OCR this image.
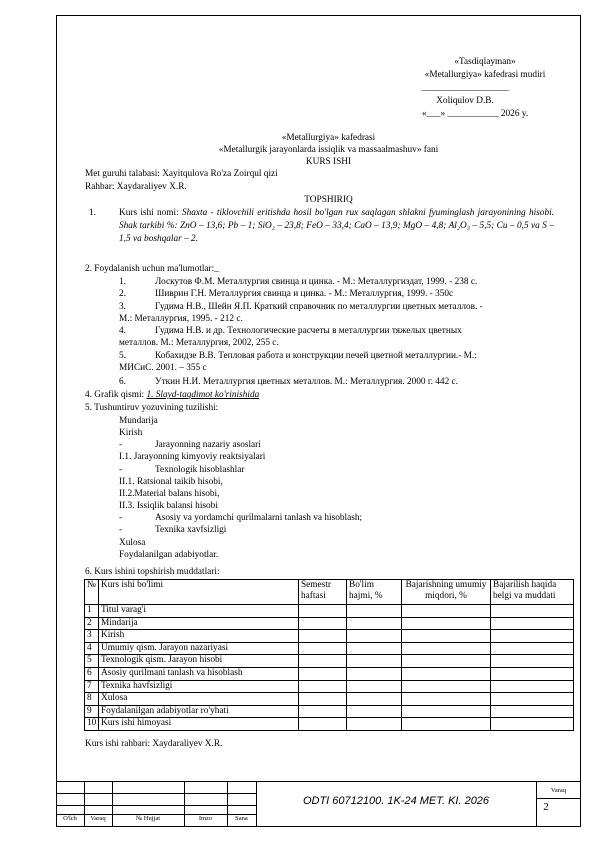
«Tasdiqlayman»
«Metallurgiya» kafedrasi mudiri
_____________________
Xoliqulov D.B.
«___» ___________ 2026 y.
«Metallurgiya» kafedrasi
«Metallurgik jarayonlarda issiqlik va massaalmashuv» fani
KURS ISHI
Met guruhi talabasi: Xayitqulova Ro'za Zoirqul qizi
Rahbar: Xaydaraliyev X.R.
TOPSHIRIQ
1. Kurs ishi nomi: Shaxta - tiklovchili eritishda hosil bo'lgan rux saqlagan shlakni fyuminglash jarayonining hisobi. Shak tarkibi %: ZnO – 13,6; Pb – 1; SiO₂ – 23,8; FeO – 33,4; CaO – 13,9; MgO – 4,8; Al₂O₃ – 5,5; Cu – 0,5 va S – 1,5 va boshqalar – 2.
2. Foydalanish uchun ma'lumotlar:_
1.	Лоскутов Ф.М. Металлургия свинца и цинка. - М.: Металлургиздат, 1999. - 238 с.
2.	Шиврин Г.Н. Металлургия свинца и цинка. - М.: Металлургия, 1999. - 350с
3.	Гудима Н.В., Шейн Я.П. Краткий справочник по металлургии цветных металлов. -
М.: Металлургия, 1995. - 212 с.
4.	Гудима Н.В. и др. Технологические расчеты в металлургии тяжелых цветных
металлов. М.: Металлургия, 2002, 255 с.
5.	Кобахидзе В.В. Тепловая работа и конструкции печей цветной металлургии.- М.:
МИСиС. 2001. – 355 с
6.	Уткин Н.И. Металлургия цветных металлов. М.: Металлургия. 2000 г. 442 с.
4. Grafik qismi: 1. Slayd-taqdimot ko'rinishida
5. Tushuntiruv yozuvining tuzilishi:
Mundarija
Kirish
-	Jarayonning nazariy asoslari
I.1. Jarayonning kimyoviy reaktsiyalari
-	Texnologik hisoblashlar
II.1. Ratsional taikib hisobi,
II.2.Material balans hisobi,
II.3. Issiqlik balansi hisobi
-	Asosiy va yordamchi qurilmalarni tanlash va hisoblash;
-	Texnika xavfsizligi
Xulosa
Foydalanilgan adabiyotlar.
6. Kurs ishini topshirish muddatlari:
№	Kurs ishi bo'limi	Semestr haftasi	Bo'lim hajmi, %	Bajarishning umumiy miqdori, %	Bajarilish haqida belgi va muddati
1	Titul varag'i				
2	Mindarija				
3	Kirish				
4	Umumiy qism. Jarayon nazariyasi				
5	Texnologik qism. Jarayon hisobi				
6	Asosiy qurilmani tanlash va hisoblash				
7	Texnika havfsizligi				
8	Xulosa				
9	Foydalanilgan adabiyotlar ro'yhati				
10	Kurs ishi himoyasi				
Kurs ishi rahbari: Xaydaraliyev X.R.
O'lch	Varaq	№ Hujjat	Imzo	Sana
ODTI 60712100. 1K-24 MET. KI. 2026
Varaq
2
